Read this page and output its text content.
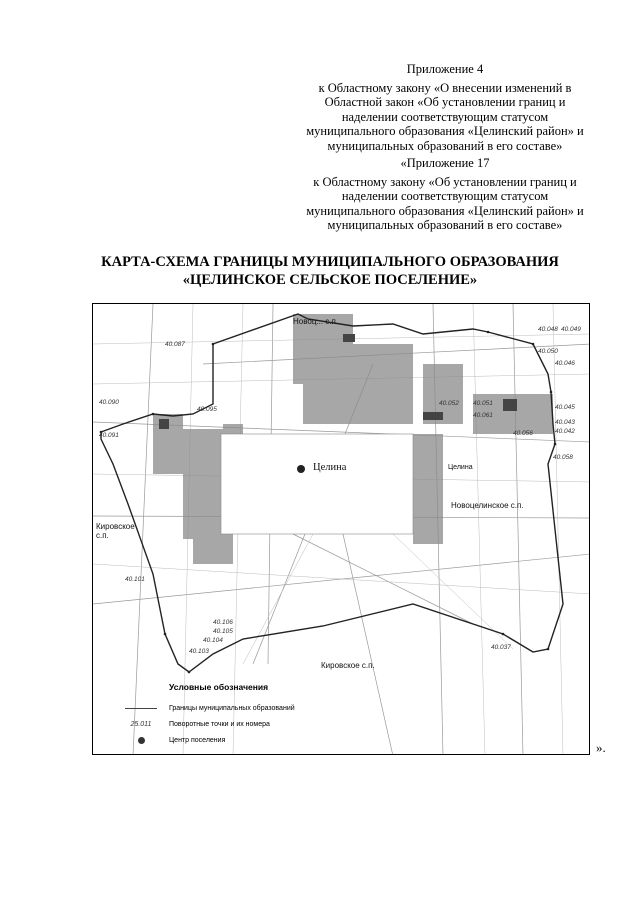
Приложение 4

к Областному закону «О внесении изменений в

Областной закон «Об установлении границ и

наделении соответствующим статусом

муниципального образования «Целинский район» и

муниципальных образований в его составе»

«Приложение 17

к Областному закону «Об установлении границ и

наделении соответствующим статусом

муниципального образования «Целинский район» и

муниципальных образований в его составе»

КАРТА-СХЕМА ГРАНИЦЫ МУНИЦИПАЛЬНОГО ОБРАЗОВАНИЯ
«ЦЕЛИНСКОЕ СЕЛЬСКОЕ ПОСЕЛЕНИЕ»
Целина
Новоц... с.п.
Кировское с.п.
Кировское с.п.
Новоцелинское с.п.
Целина
40.087
40.090
40.091
40.095
40.101
40.103
40.104
40.105
40.106
40.037
40.042
40.043
40.045
40.046
40.048 40.049
40.050
40.051
40.052
40.056
40.058
40.061
Условные обозначения
Границы муниципальных образований
25.011	Поворотные точки и их номера
Центр поселения	».
